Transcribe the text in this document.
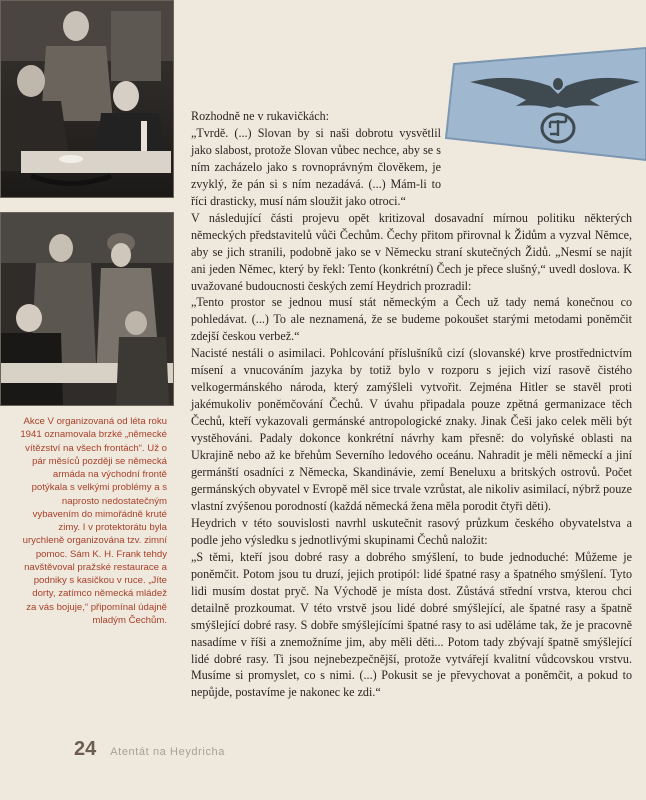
Akce V organizovaná od léta roku 1941 oznamovala brzké „německé vítězství na všech frontách“. Už o pár měsíců později se německá armáda na východní frontě potýkala s velkými problémy a s naprosto nedostatečným vybavením do mimořádně kruté zimy. I v protektorátu byla urychleně organizována tzv. zimní pomoc. Sám K. H. Frank tehdy navštěvoval pražské restaurace a podniky s kasičkou v ruce. „Jíte dorty, zatímco německá mládež za vás bojuje,“ připomínal údajně mladým Čechům.

Rozhodně ne v rukavičkách:

„Tvrdě. (...) Slovan by si naši dobrotu vysvětlil jako slabost, protože Slovan vůbec nechce, aby se s ním zacházelo jako s rovnoprávným člověkem, je zvyklý, že pán si s ním nezadává. (...) Mám-li to říci drasticky, musí nám sloužit jako otroci.“

V následující části projevu opět kritizoval dosavadní mírnou politiku některých německých představitelů vůči Čechům. Čechy přitom přirovnal k Židům a vyzval Němce, aby se jich stranili, podobně jako se v Německu straní skutečných Židů. „Nesmí se najít ani jeden Němec, který by řekl: Tento (konkrétní) Čech je přece slušný,“ uvedl doslova. K uvažované budoucnosti českých zemí Heydrich prozradil:

„Tento prostor se jednou musí stát německým a Čech už tady nemá konečnou co pohledávat. (...) To ale neznamená, že se budeme pokoušet starými metodami poněmčit zdejší českou verbež.“

Nacisté nestáli o asimilaci. Pohlcování příslušníků cizí (slovanské) krve prostřednictvím mísení a vnucováním jazyka by totiž bylo v rozporu s jejich vizí rasově čistého velkogermánského národa, který zamýšleli vytvořit. Zejména Hitler se stavěl proti jakémukoliv poněmčování Čechů. V úvahu připadala pouze zpětná germanizace těch Čechů, kteří vykazovali germánské antropologické znaky. Jinak Češi jako celek měli být vystěhováni. Padaly dokonce konkrétní návrhy kam přesně: do volyňské oblasti na Ukrajině nebo až ke břehům Severního ledového oceánu. Nahradit je měli německí a jiní germánští osadníci z Německa, Skandinávie, zemí Beneluxu a britských ostrovů. Počet germánských obyvatel v Evropě měl sice trvale vzrůstat, ale nikoliv asimilací, nýbrž pouze vlastní zvýšenou porodností (každá německá žena měla porodit čtyři děti).

Heydrich v této souvislosti navrhl uskutečnit rasový průzkum českého obyvatelstva a podle jeho výsledku s jednotlivými skupinami Čechů naložit:

„S těmi, kteří jsou dobré rasy a dobrého smýšlení, to bude jednoduché: Můžeme je poněmčit. Potom jsou tu druzí, jejich protipól: lidé špatné rasy a špatného smýšlení. Tyto lidi musím dostat pryč. Na Východě je místa dost. Zůstává střední vrstva, kterou chci detailně prozkoumat. V této vrstvě jsou lidé dobré smýšlející, ale špatné rasy a špatně smýšlející dobré rasy. S dobře smýšlejícími špatné rasy to asi uděláme tak, že je pracovně nasadíme v říši a znemožníme jim, aby měli děti... Potom tady zbývají špatně smýšlející lidé dobré rasy. Ti jsou nejnebezpečnější, protože vytvářejí kvalitní vůdcovskou vrstvu. Musíme si promyslet, co s nimi. (...) Pokusit se je převychovat a poněmčit, a pokud to nepůjde, postavíme je nakonec ke zdi.“

24 Atentát na Heydricha
